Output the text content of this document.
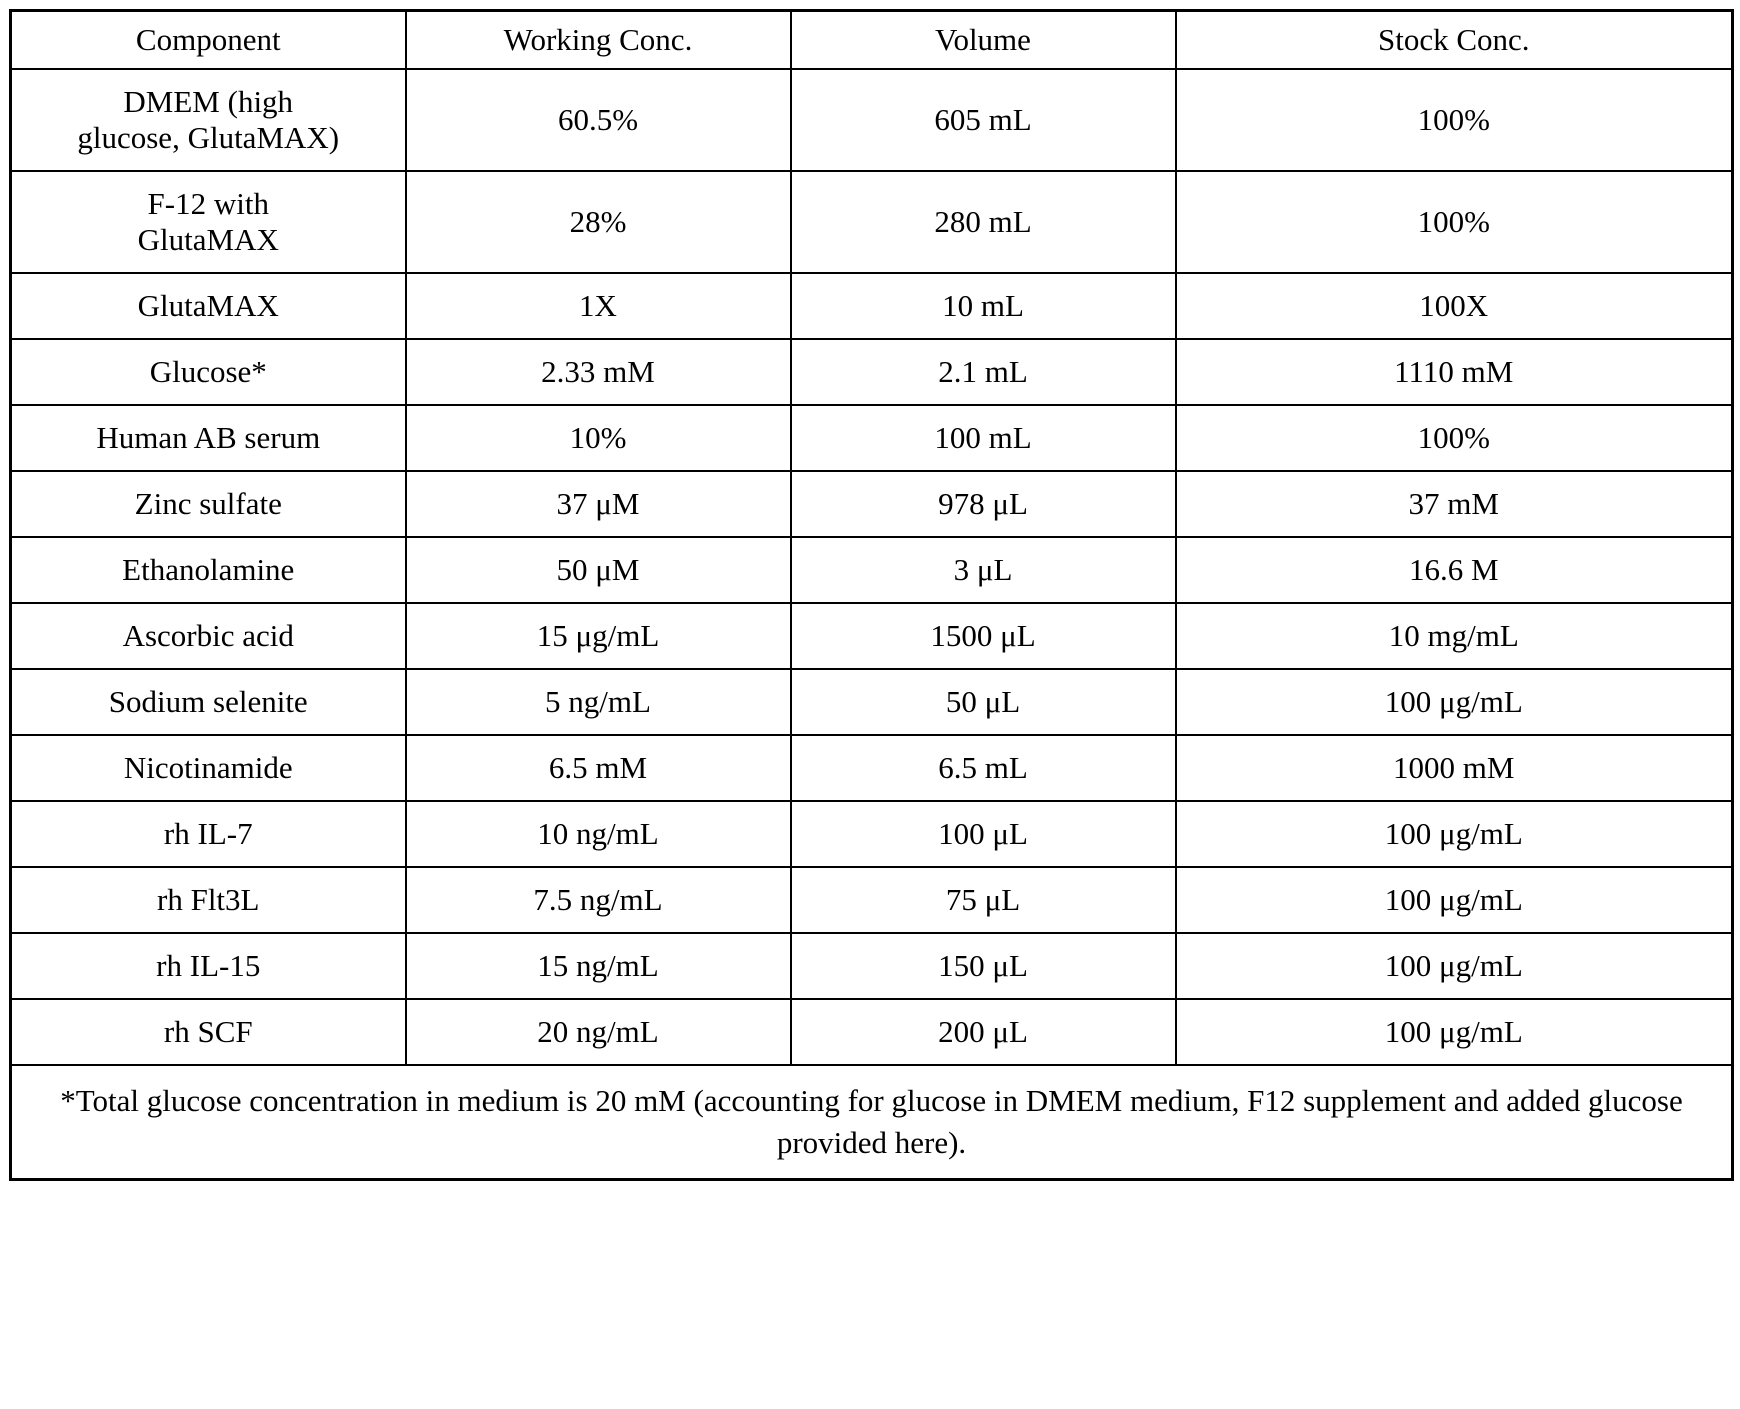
Component	Working Conc.	Volume	Stock Conc.
DMEM (high
glucose, GlutaMAX)	60.5%	605 mL	100%
F-12 with
GlutaMAX	28%	280 mL	100%
GlutaMAX	1X	10 mL	100X
Glucose*	2.33 mM	2.1 mL	1110 mM
Human AB serum	10%	100 mL	100%
Zinc sulfate	37 μM	978 μL	37 mM
Ethanolamine	50 μM	3 μL	16.6 M
Ascorbic acid	15 μg/mL	1500 μL	10 mg/mL
Sodium selenite	5 ng/mL	50 μL	100 μg/mL
Nicotinamide	6.5 mM	6.5 mL	1000 mM
rh IL-7	10 ng/mL	100 μL	100 μg/mL
rh Flt3L	7.5 ng/mL	75 μL	100 μg/mL
rh IL-15	15 ng/mL	150 μL	100 μg/mL
rh SCF	20 ng/mL	200 μL	100 μg/mL
*Total glucose concentration in medium is 20 mM (accounting for glucose in DMEM medium, F12 supplement and added glucose provided here).			
